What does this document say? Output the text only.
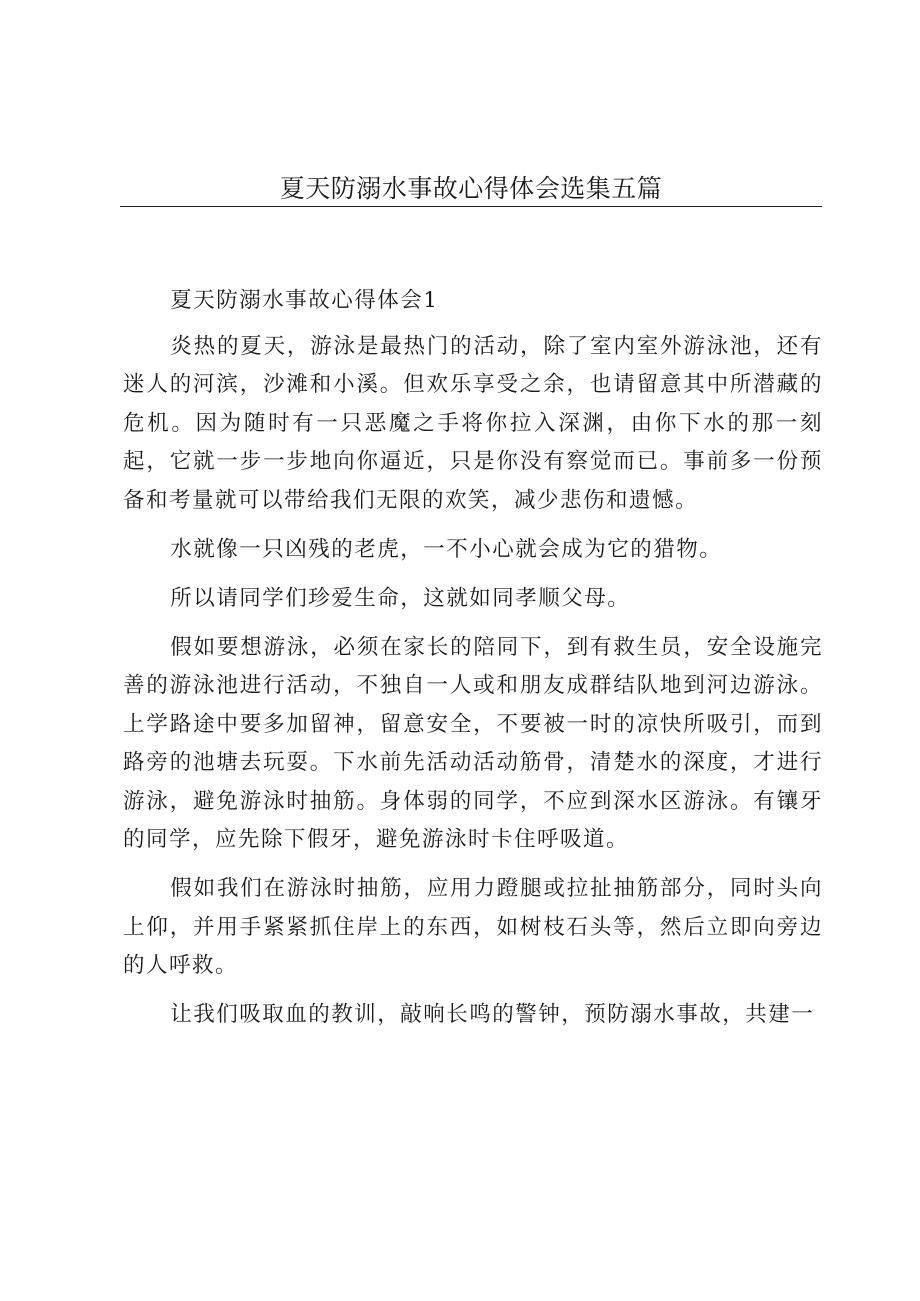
夏天防溺水事故心得体会选集五篇

夏天防溺水事故心得体会1

炎热的夏天，游泳是最热门的活动，除了室内室外游泳池，还有迷人的河滨，沙滩和小溪。但欢乐享受之余，也请留意其中所潜藏的危机。因为随时有一只恶魔之手将你拉入深渊，由你下水的那一刻起，它就一步一步地向你逼近，只是你没有察觉而已。事前多一份预备和考量就可以带给我们无限的欢笑，减少悲伤和遗憾。

水就像一只凶残的老虎，一不小心就会成为它的猎物。

所以请同学们珍爱生命，这就如同孝顺父母。

假如要想游泳，必须在家长的陪同下，到有救生员，安全设施完善的游泳池进行活动，不独自一人或和朋友成群结队地到河边游泳。上学路途中要多加留神，留意安全，不要被一时的凉快所吸引，而到路旁的池塘去玩耍。下水前先活动活动筋骨，清楚水的深度，才进行游泳，避免游泳时抽筋。身体弱的同学，不应到深水区游泳。有镶牙的同学，应先除下假牙，避免游泳时卡住呼吸道。

假如我们在游泳时抽筋，应用力蹬腿或拉扯抽筋部分，同时头向上仰，并用手紧紧抓住岸上的东西，如树枝石头等，然后立即向旁边的人呼救。

让我们吸取血的教训，敲响长鸣的警钟，预防溺水事故，共建一
